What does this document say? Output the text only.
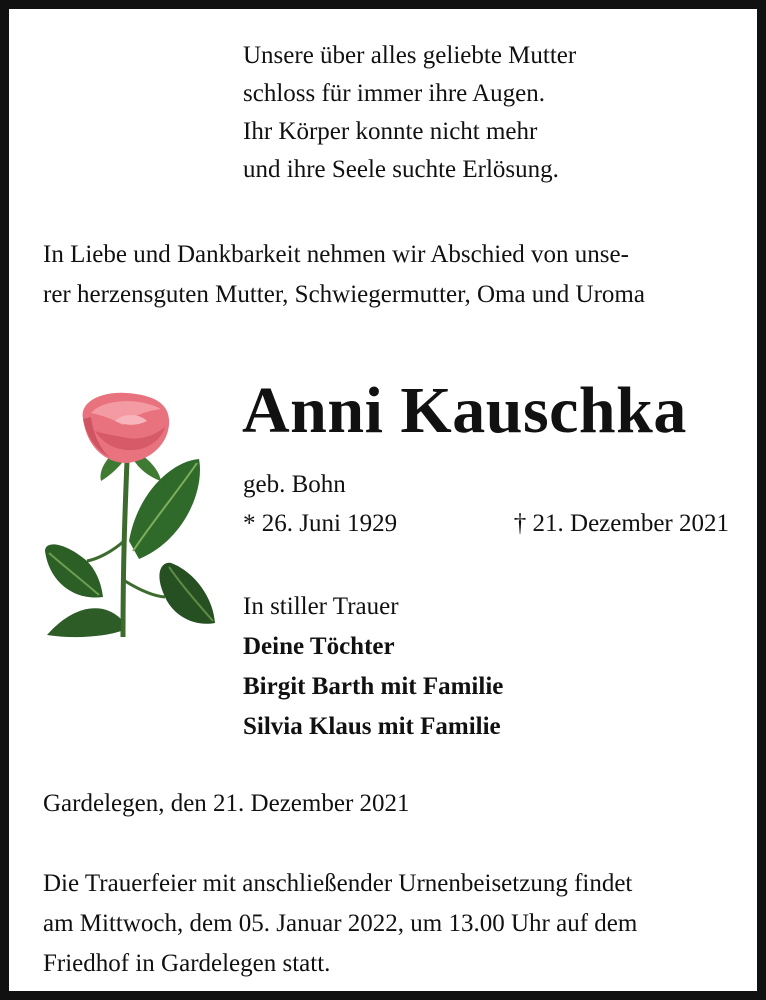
Unsere über alles geliebte Mutter
schloss für immer ihre Augen.
Ihr Körper konnte nicht mehr
und ihre Seele suchte Erlösung.
In Liebe und Dankbarkeit nehmen wir Abschied von unse-
rer herzensguten Mutter, Schwiegermutter, Oma und Uroma
Anni Kauschka
geb. Bohn
* 26. Juni 1929	† 21. Dezember 2021
In stiller Trauer
Deine Töchter
Birgit Barth mit Familie
Silvia Klaus mit Familie
Gardelegen, den 21. Dezember 2021
Die Trauerfeier mit anschließender Urnenbeisetzung findet
am Mittwoch, dem 05. Januar 2022, um 13.00 Uhr auf dem
Friedhof in Gardelegen statt.
